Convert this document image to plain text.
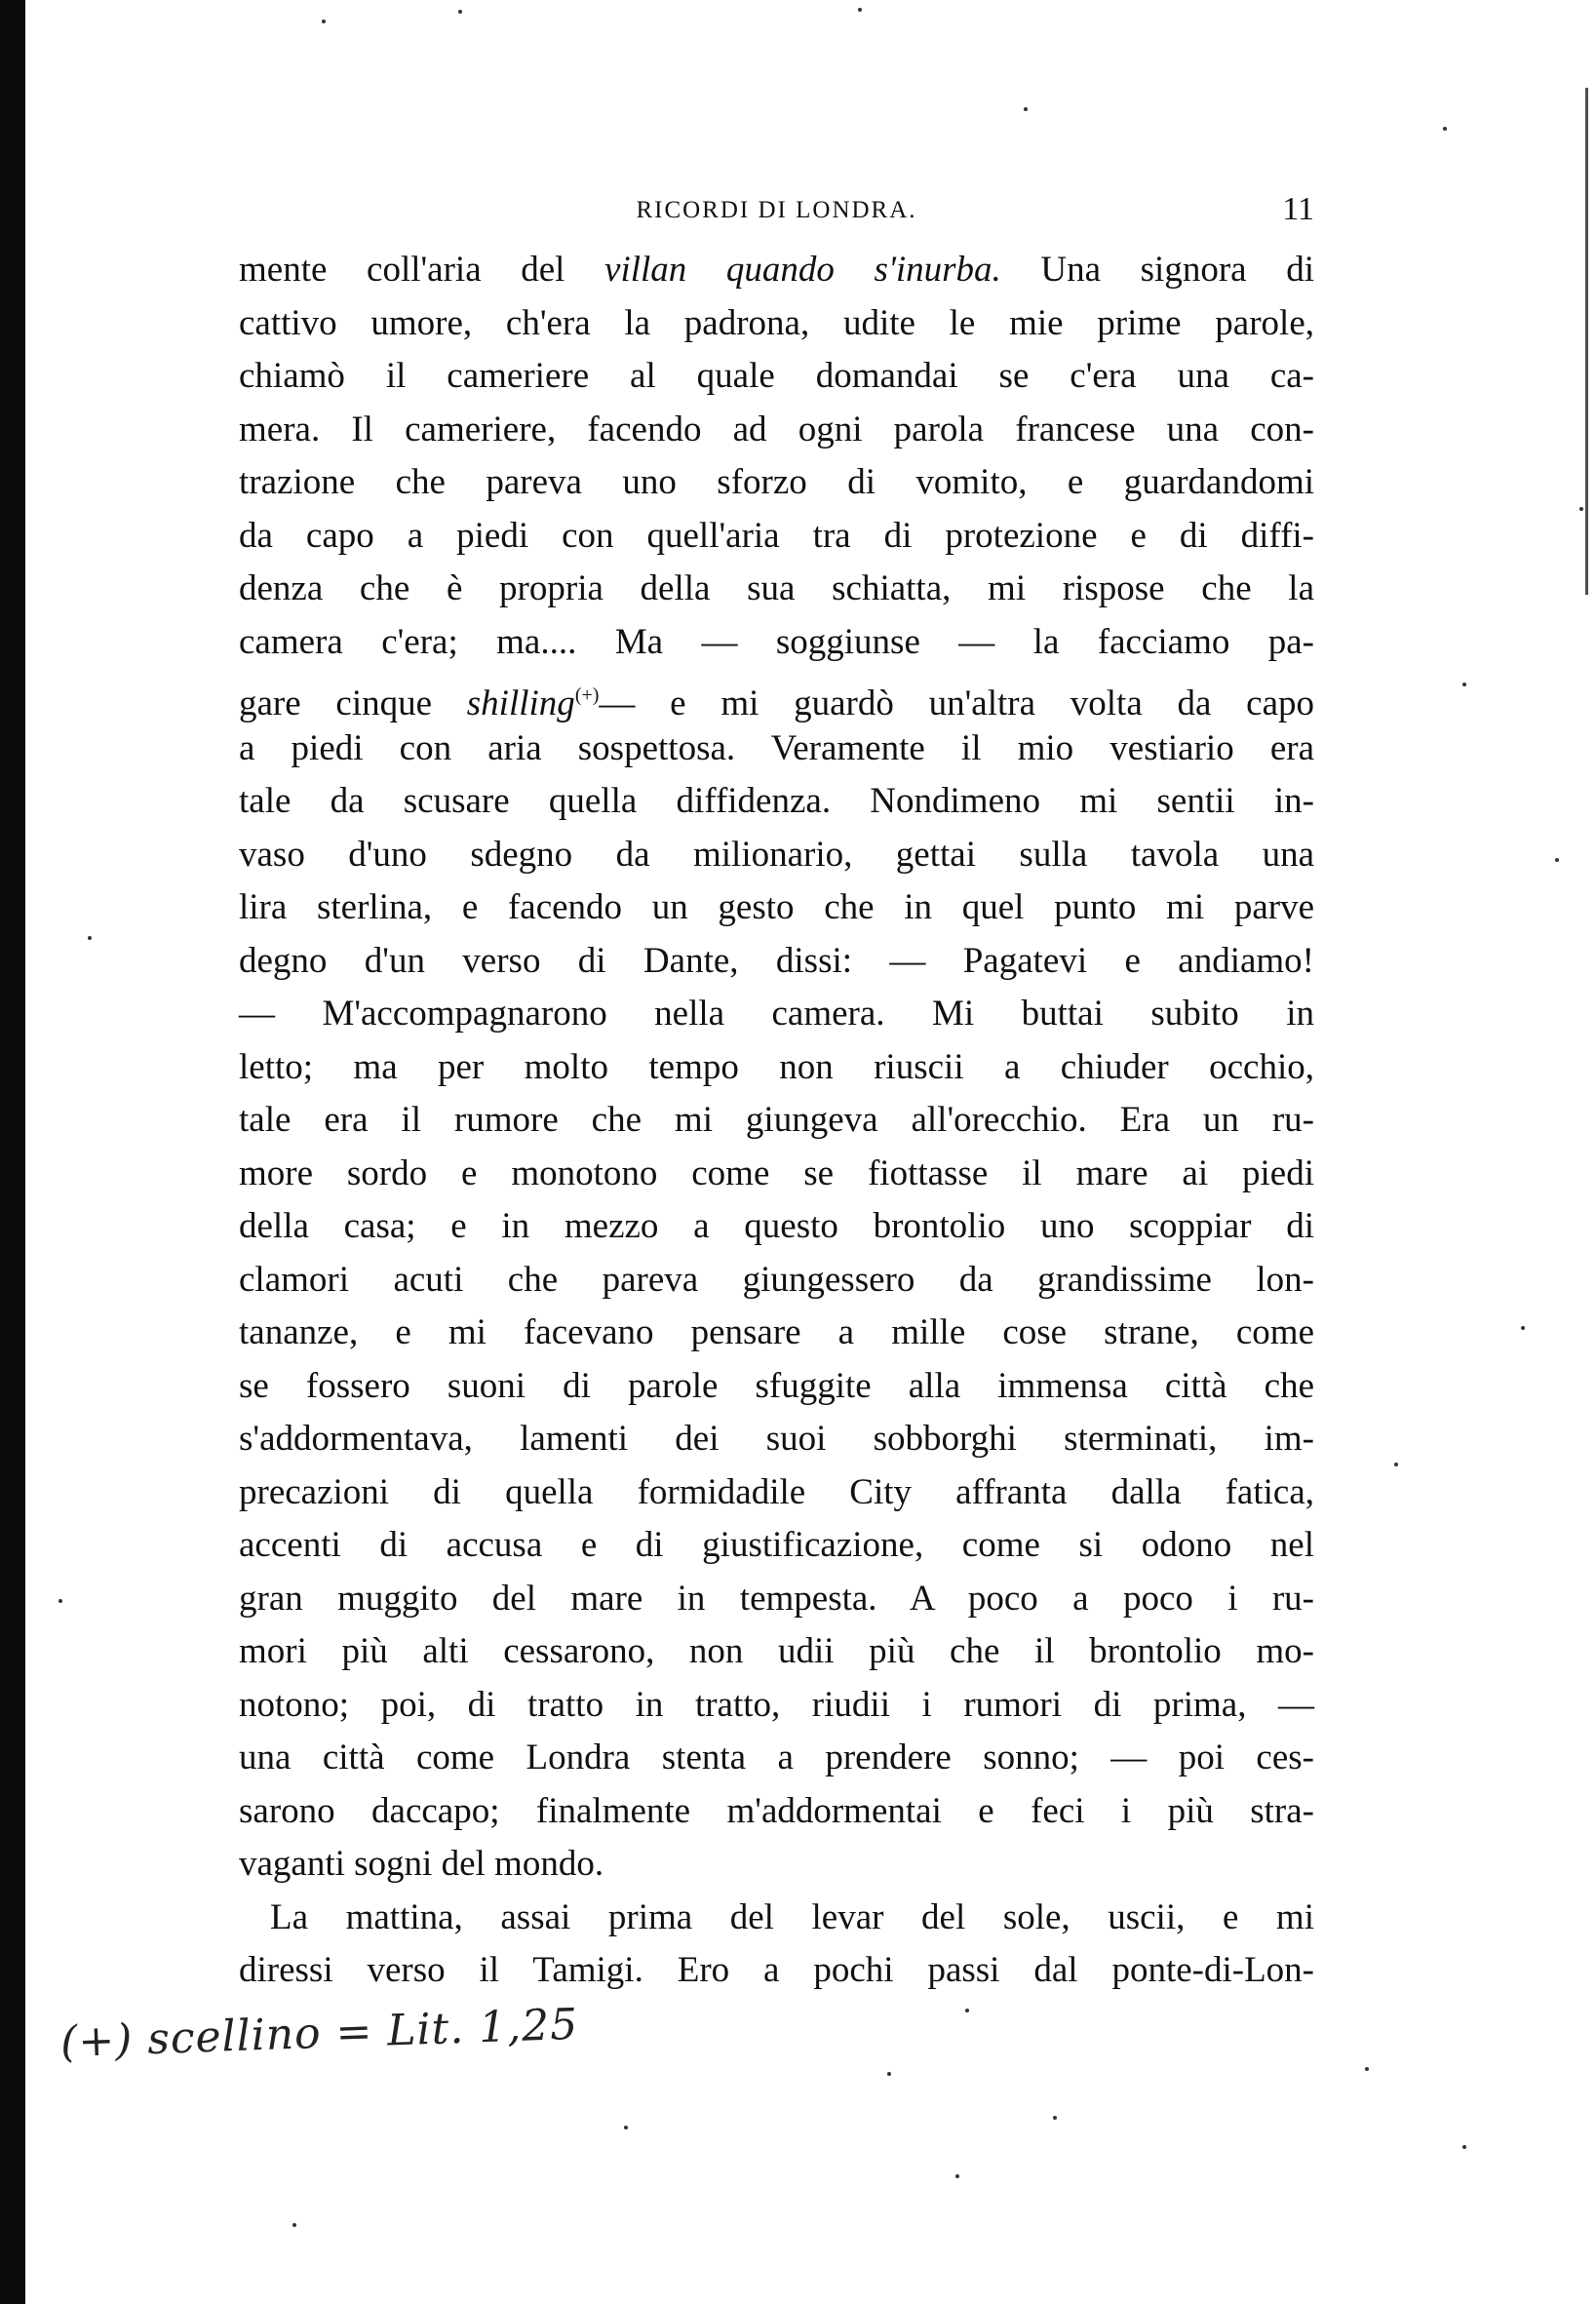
RICORDI DI LONDRA.	11
mente coll'aria del villan quando s'inurba. Una signora di
cattivo umore, ch'era la padrona, udite le mie prime parole,
chiamò il cameriere al quale domandai se c'era una ca-
mera. Il cameriere, facendo ad ogni parola francese una con-
trazione che pareva uno sforzo di vomito, e guardandomi
da capo a piedi con quell'aria tra di protezione e di diffi-
denza che è propria della sua schiatta, mi rispose che la
camera c'era; ma.... Ma — soggiunse — la facciamo pa-
gare cinque shilling(+)— e mi guardò un'altra volta da capo
a piedi con aria sospettosa. Veramente il mio vestiario era
tale da scusare quella diffidenza. Nondimeno mi sentii in-
vaso d'uno sdegno da milionario, gettai sulla tavola una
lira sterlina, e facendo un gesto che in quel punto mi parve
degno d'un verso di Dante, dissi: — Pagatevi e andiamo!
— M'accompagnarono nella camera. Mi buttai subito in
letto; ma per molto tempo non riuscii a chiuder occhio,
tale era il rumore che mi giungeva all'orecchio. Era un ru-
more sordo e monotono come se fiottasse il mare ai piedi
della casa; e in mezzo a questo brontolio uno scoppiar di
clamori acuti che pareva giungessero da grandissime lon-
tananze, e mi facevano pensare a mille cose strane, come
se fossero suoni di parole sfuggite alla immensa città che
s'addormentava, lamenti dei suoi sobborghi sterminati, im-
precazioni di quella formidadile City affranta dalla fatica,
accenti di accusa e di giustificazione, come si odono nel
gran muggito del mare in tempesta. A poco a poco i ru-
mori più alti cessarono, non udii più che il brontolio mo-
notono; poi, di tratto in tratto, riudii i rumori di prima, —
una città come Londra stenta a prendere sonno; — poi ces-
sarono daccapo; finalmente m'addormentai e feci i più stra-
vaganti sogni del mondo.
La mattina, assai prima del levar del sole, uscii, e mi
diressi verso il Tamigi. Ero a pochi passi dal ponte-di-Lon-
(+) scellino = Lit. 1,25
